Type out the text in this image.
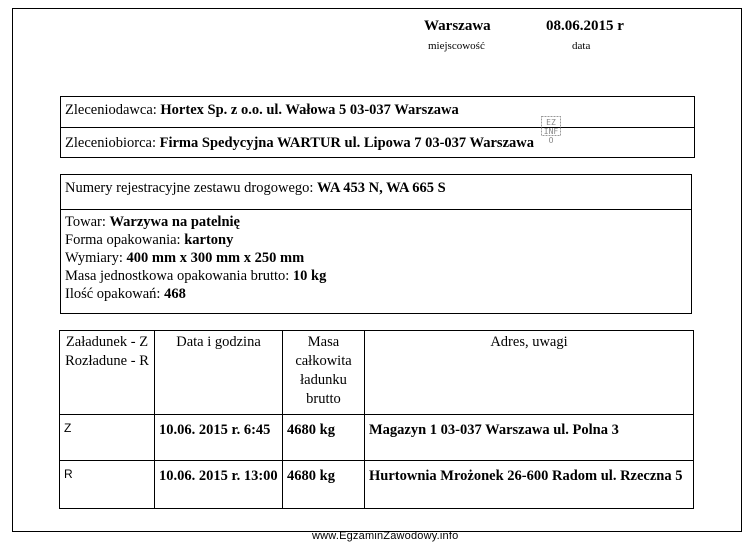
Warszawa
miejscowość
08.06.2015 r
data
Zleceniodawca: Hortex Sp. z o.o. ul. Wałowa 5 03-037 Warszawa
Zleceniobiorca: Firma Spedycyjna WARTUR ul. Lipowa 7 03-037 Warszawa
EZ INFO
Numery rejestracyjne zestawu drogowego: WA 453 N, WA 665 S
Towar: Warzywa na patelnię
Forma opakowania: kartony
Wymiary: 400 mm x 300 mm x 250 mm
Masa jednostkowa opakowania brutto: 10 kg
Ilość opakowań: 468
Załadunek - Z Rozładune - R	Data i godzina	Masa całkowita ładunku brutto	Adres, uwagi
Z	10.06. 2015 r. 6:45	4680 kg	Magazyn 1 03-037 Warszawa ul. Polna 3
R	10.06. 2015 r. 13:00	4680 kg	Hurtownia Mrożonek 26-600 Radom ul. Rzeczna 5
www.EgzaminZawodowy.info
